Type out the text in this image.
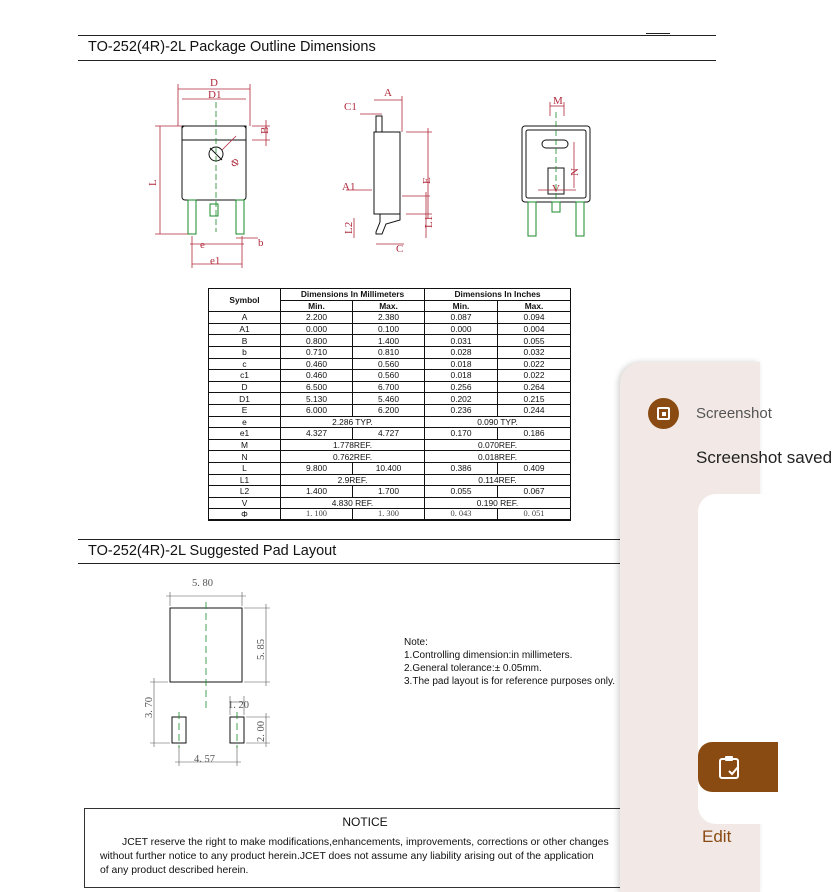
TO-252(4R)-2L Package Outline Dimensions
D
D1
B
L
e	b
e1
Φ
C1
A
A1
E
L1
L2
C
M
N
V
Symbol	Dimensions In Millimeters		Dimensions In Inches	
	Min.	Max.	Min.	Max.
A	2.200	2.380	0.087	0.094
A1	0.000	0.100	0.000	0.004
B	0.800	1.400	0.031	0.055
b	0.710	0.810	0.028	0.032
c	0.460	0.560	0.018	0.022
c1	0.460	0.560	0.018	0.022
D	6.500	6.700	0.256	0.264
D1	5.130	5.460	0.202	0.215
E	6.000	6.200	0.236	0.244
e	2.286 TYP.		0.090 TYP.	
e1	4.327	4.727	0.170	0.186
M	1.778REF.		0.070REF.	
N	0.762REF.		0.018REF.	
L	9.800	10.400	0.386	0.409
L1	2.9REF.		0.114REF.	
L2	1.400	1.700	0.055	0.067
V	4.830 REF.		0.190 REF.	
Φ	1. 100	1. 300	0. 043	0. 051
TO-252(4R)-2L Suggested Pad Layout
5. 80
5. 85
3. 70	1. 20
2. 00
4. 57
Note:
1.Controlling dimension:in millimeters.
2.General tolerance:± 0.05mm.
3.The pad layout is for reference purposes only.
NOTICE
JCET reserve the right to make modifications,enhancements, improvements, corrections or other changes
without further notice to any product herein.JCET does not assume any liability arising out of the application
of any product described herein.
Screenshot
Screenshot saved
Edit
